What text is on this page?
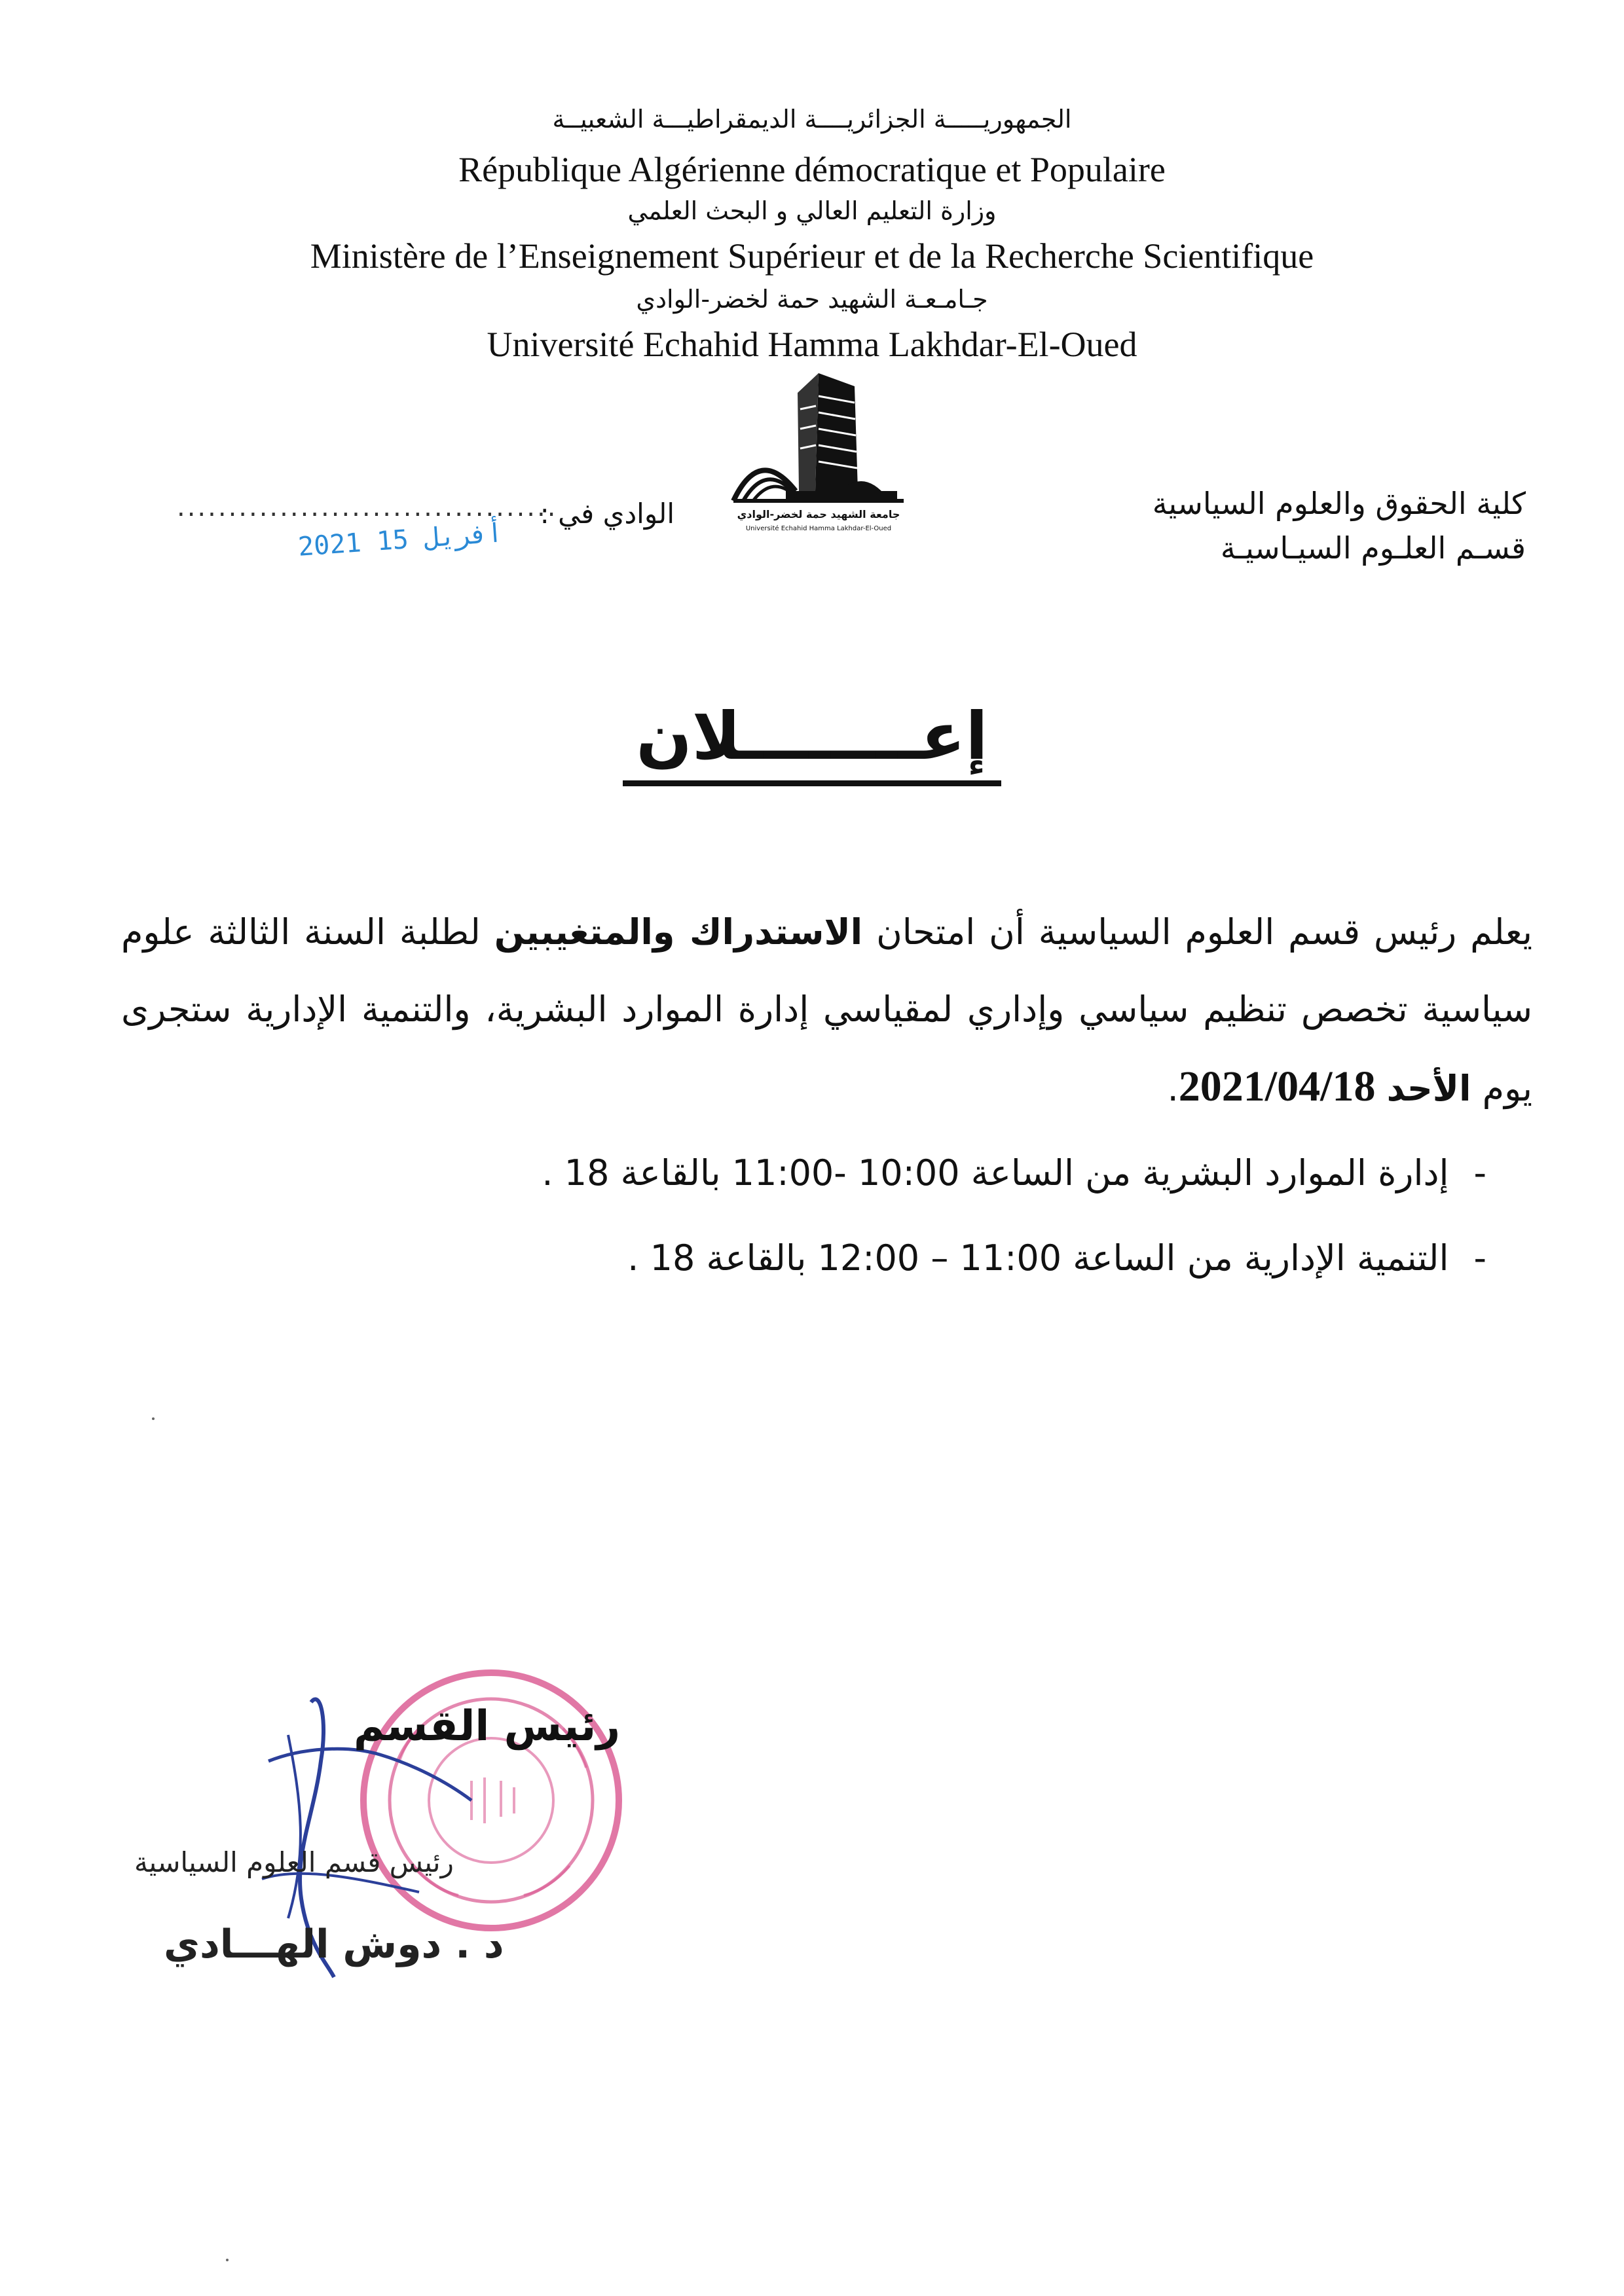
الجمهوريـــــة الجزائريــــة الديمقراطيـــة الشعبيــة
République Algérienne démocratique et Populaire
وزارة التعليم العالي و البحث العلمي
Ministère de l’Enseignement Supérieur et de la Recherche Scientifique
جـامـعـة الشهيد حمة لخضر-الوادي
Université Echahid Hamma Lakhdar-El-Oued
كلية الحقوق والعلوم السياسية
قسـم العلـوم السيـاسيـة
جامعة الشهيد حمة لخضر-الوادي
Université Echahid Hamma Lakhdar-El-Oued
الوادي في :
.....................................
2021 أفريل 15
إعــــــــلان
يعلم رئيس قسم العلوم السياسية أن امتحان الاستدراك والمتغيبين لطلبة السنة الثالثة علوم سياسية تخصص تنظيم سياسي وإداري لمقياسي إدارة الموارد البشرية، والتنمية الإدارية ستجرى يوم الأحد 2021/04/18.
-إدارة الموارد البشرية من الساعة 10:00 -11:00 بالقاعة 18 .
-التنمية الإدارية من الساعة 11:00 – 12:00 بالقاعة 18 .
رئيس القسم
رئيس قسم العلوم السياسية
د . دوش الهـــادي
